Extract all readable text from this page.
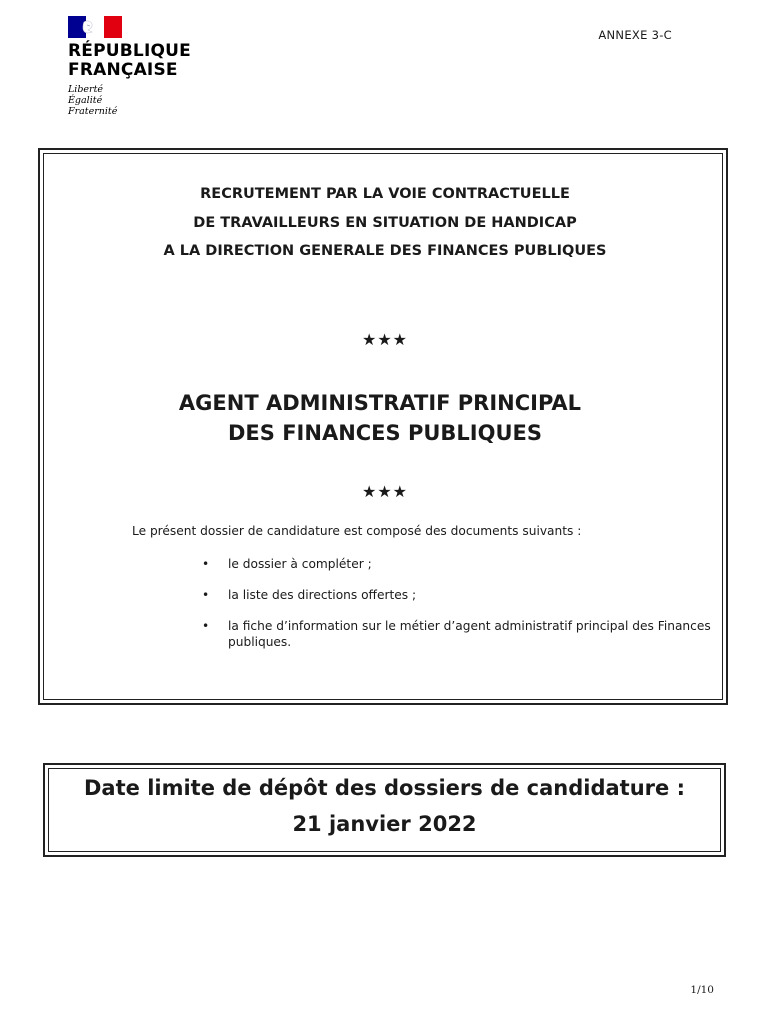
RÉPUBLIQUE
FRANÇAISE
Liberté
Égalité
Fraternité
ANNEXE 3-C
RECRUTEMENT PAR LA VOIE CONTRACTUELLE
DE TRAVAILLEURS EN SITUATION DE HANDICAP
A LA DIRECTION GENERALE DES FINANCES PUBLIQUES
★★★
AGENT ADMINISTRATIF PRINCIPAL
DES FINANCES PUBLIQUES
★★★
Le présent dossier de candidature est composé des documents suivants :
• le dossier à compléter ;
• la liste des directions offertes ;
• la fiche d’information sur le métier d’agent administratif principal des Finances publiques.
Date limite de dépôt des dossiers de candidature :
21 janvier 2022
1/10
